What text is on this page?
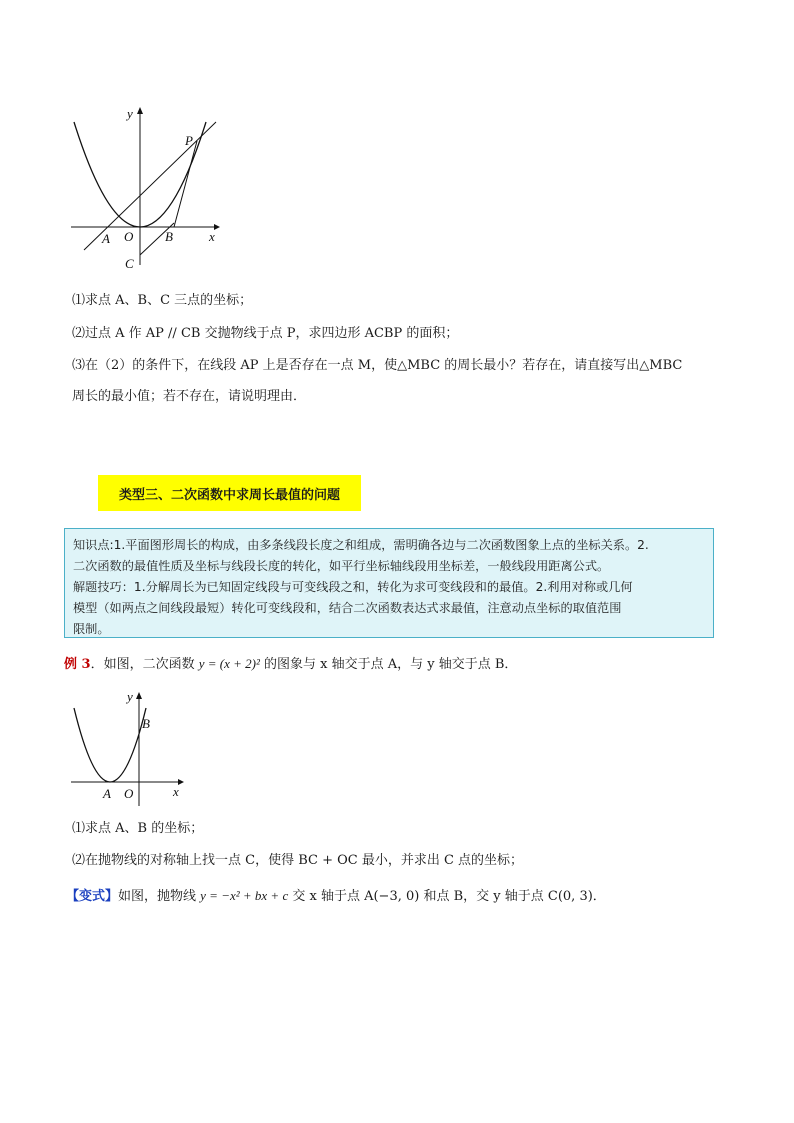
y
P
x
A O B
C
⑴求点 A、B、C 三点的坐标；
⑵过点 A 作 AP // CB 交抛物线于点 P，求四边形 ACBP 的面积；
⑶在（2）的条件下，在线段 AP 上是否存在一点 M，使△MBC 的周长最小？若存在，请直接写出△MBC
周长的最小值；若不存在，请说明理由．
类型三、二次函数中求周长最值的问题
知识点:1.平面图形周长的构成，由多条线段长度之和组成，需明确各边与二次函数图象上点的坐标关系。2.
二次函数的最值性质及坐标与线段长度的转化，如平行坐标轴线段用坐标差，一般线段用距离公式。
解题技巧：1.分解周长为已知固定线段与可变线段之和，转化为求可变线段和的最值。2.利用对称或几何
模型（如两点之间线段最短）转化可变线段和，结合二次函数表达式求最值，注意动点坐标的取值范围
限制。
例 3．如图，二次函数 y = (x + 2)² 的图象与 x 轴交于点 A，与 y 轴交于点 B．
y
B
A O	x
⑴求点 A、B 的坐标；
⑵在抛物线的对称轴上找一点 C，使得 BC + OC 最小，并求出 C 点的坐标；
【变式】如图，抛物线 y = −x² + bx + c 交 x 轴于点 A(−3, 0) 和点 B，交 y 轴于点 C(0, 3)．
